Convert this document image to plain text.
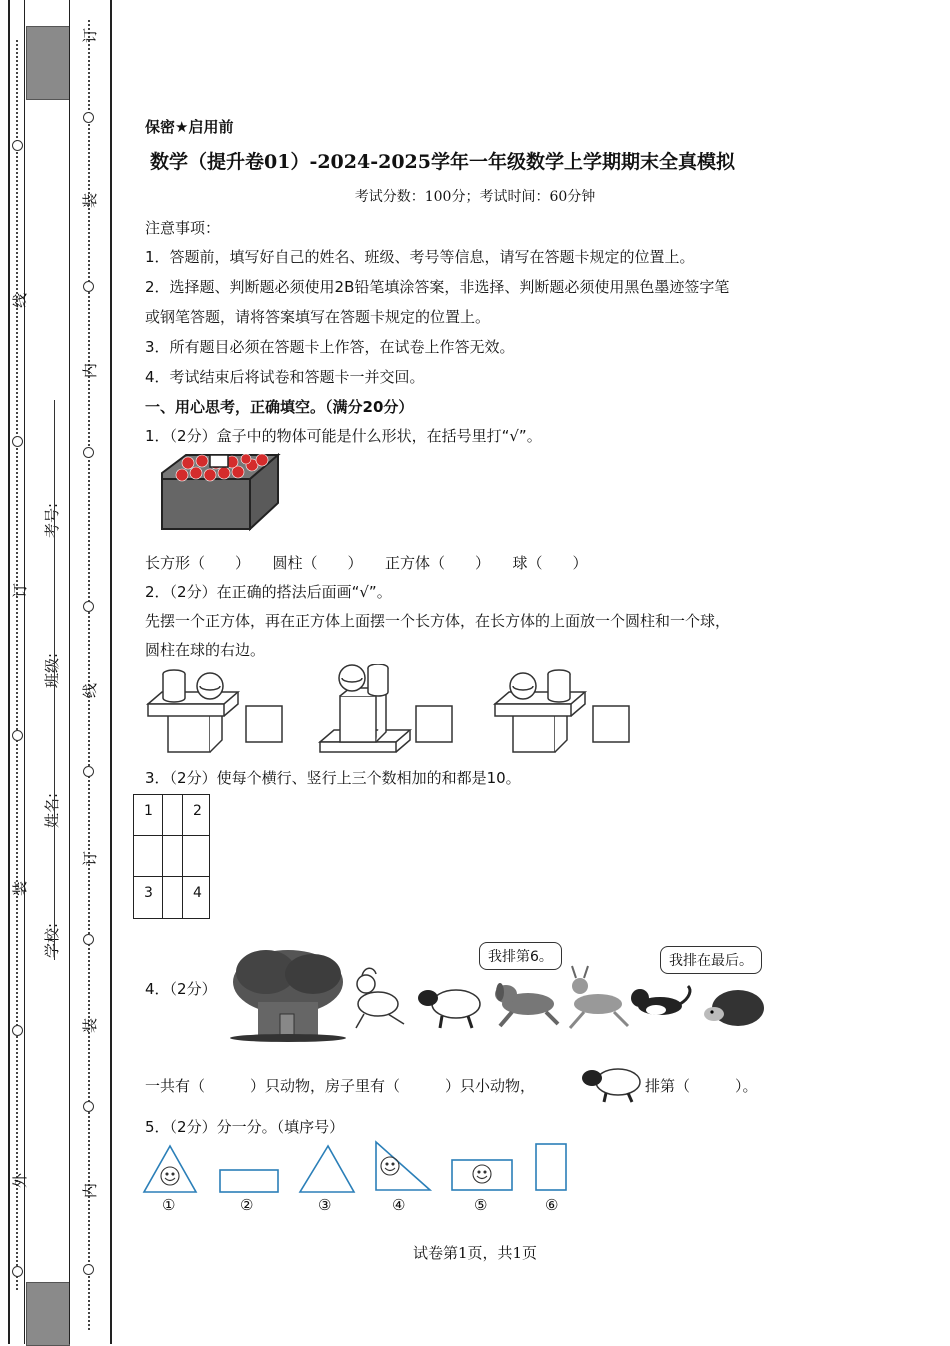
外
装
订
线
内
装
订
线
内
装
订
学校:
姓名:
班级:
考号:
保密★启用前
数学（提升卷01）-2024-2025学年一年级数学上学期期末全真模拟
考试分数：100分；考试时间：60分钟
注意事项：
1．答题前，填写好自己的姓名、班级、考号等信息，请写在答题卡规定的位置上。
2．选择题、判断题必须使用2B铅笔填涂答案，非选择、判断题必须使用黑色墨迹签字笔
或钢笔答题，请将答案填写在答题卡规定的位置上。
3．所有题目必须在答题卡上作答，在试卷上作答无效。
4．考试结束后将试卷和答题卡一并交回。
一、用心思考，正确填空。（满分20分）
1．（2分）盒子中的物体可能是什么形状，在括号里打“√”。
长方形（　　）　　圆柱（　　）　　正方体（　　）　　球（　　）
2．（2分）在正确的搭法后面画“√”。
先摆一个正方体，再在正方体上面摆一个长方体，在长方体的上面放一个圆柱和一个球，
圆柱在球的右边。
3．（2分）使每个横行、竖行上三个数相加的和都是10。
1		2

3		4
4．（2分）
我排第6。	我排在最后。
一共有（　　　）只动物，房子里有（　　　）只小动物，	排第（　　　）。
5．（2分）分一分。（填序号）
①	②	③	④	⑤	⑥
试卷第1页，共1页
